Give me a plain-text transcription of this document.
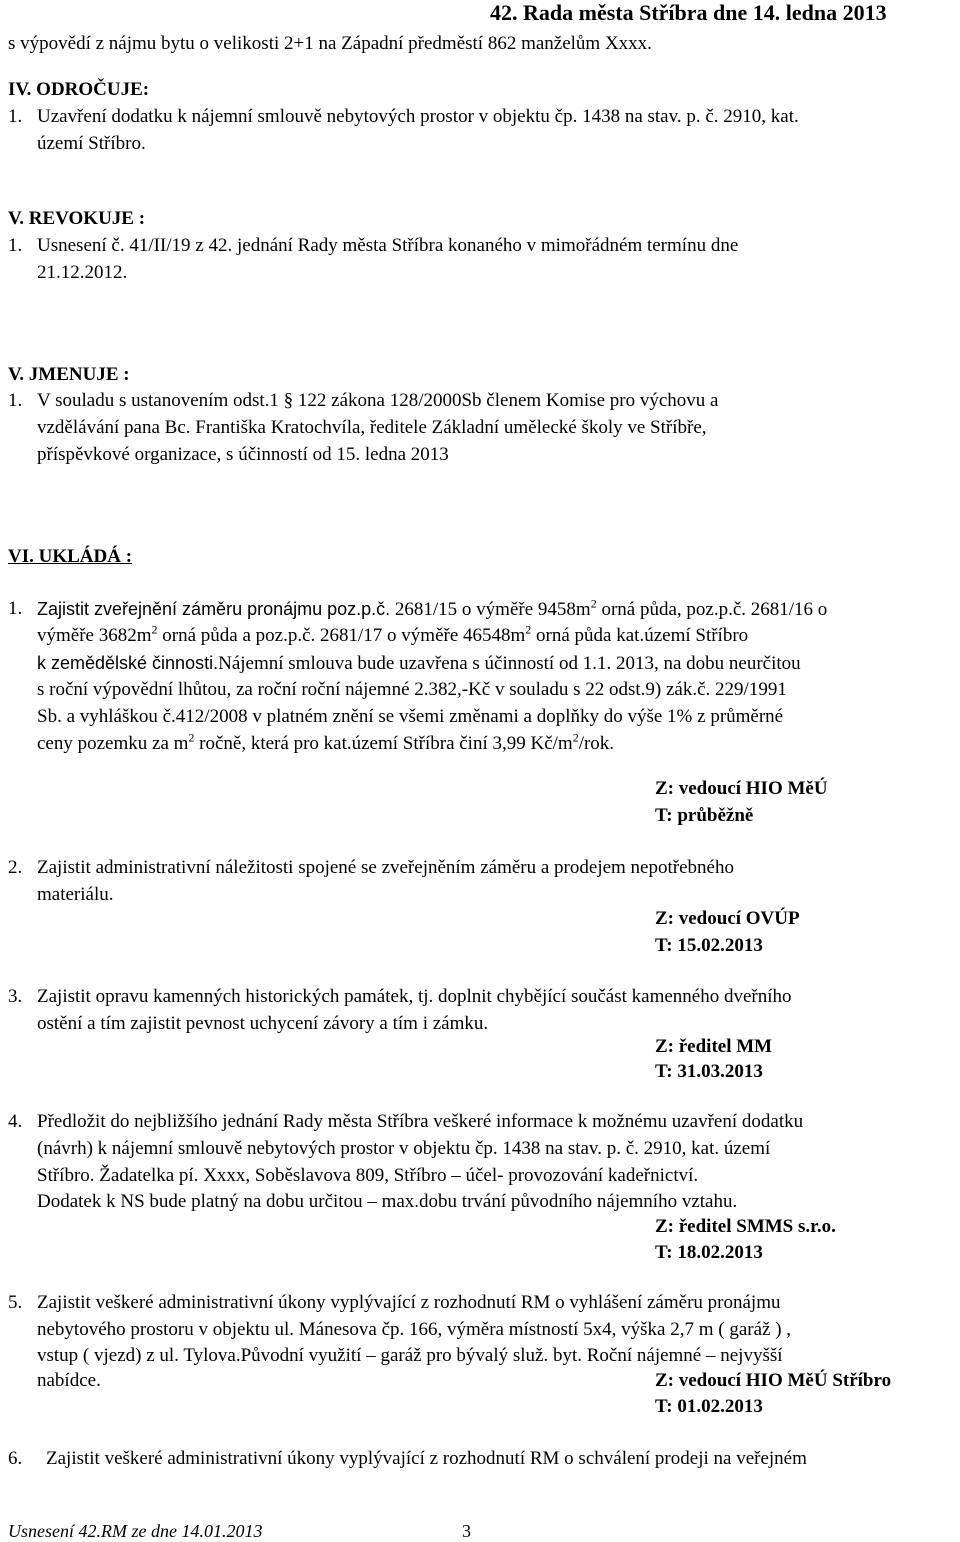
42. Rada města Stříbra dne 14. ledna 2013
s výpovědí z nájmu bytu o velikosti 2+1 na Západní předměstí 862 manželům Xxxx.
IV. ODROČUJE:
1. Uzavření dodatku k nájemní smlouvě nebytových prostor v objektu čp. 1438 na stav. p. č. 2910, kat.
území Stříbro.
V. REVOKUJE :
1. Usnesení č. 41/II/19 z 42. jednání Rady města Stříbra konaného v mimořádném termínu dne
21.12.2012.
V. JMENUJE :
1. V souladu s ustanovením odst.1 § 122 zákona 128/2000Sb členem Komise pro výchovu a
vzdělávání pana Bc. Františka Kratochvíla, ředitele Základní umělecké školy ve Stříbře,
příspěvkové organizace, s účinností od 15. ledna 2013
VI. UKLÁDÁ :
1. Zajistit zveřejnění záměru pronájmu poz.p.č. 2681/15 o výměře $9458m^2$ orná půda, poz.p.č. 2681/16 o
výměře $3682m^2$ orná půda a poz.p.č. 2681/17 o výměře $46548m^2$ orná půda kat.území Stříbro
k zemědělské činnosti.Nájemní smlouva bude uzavřena s účinností od 1.1. 2013, na dobu neurčitou
s roční výpovědní lhůtou, za roční roční nájemné 2.382,-Kč v souladu s 22 odst.9) zák.č. 229/1991
Sb. a vyhláškou č.412/2008 v platném znění se všemi změnami a doplňky do výše 1% z průměrné
ceny pozemku za $m^2$ ročně, která pro kat.území Stříbra činí 3,99 $Kč/m^2$/rok.
Z: vedoucí HIO MěÚ
T: průběžně
2. Zajistit administrativní náležitosti spojené se zveřejněním záměru a prodejem nepotřebného
materiálu.
Z: vedoucí OVÚP
T: 15.02.2013
3. Zajistit opravu kamenných historických památek, tj. doplnit chybějící součást kamenného dveřního
ostění a tím zajistit pevnost uchycení závory a tím i zámku.
Z: ředitel MM
T: 31.03.2013
4. Předložit do nejbližšího jednání Rady města Stříbra veškeré informace k možnému uzavření dodatku
(návrh) k nájemní smlouvě nebytových prostor v objektu čp. 1438 na stav. p. č. 2910, kat. území
Stříbro. Žadatelka pí. Xxxx, Soběslavova 809, Stříbro – účel- provozování kadeřnictví.
Dodatek k NS bude platný na dobu určitou – max.dobu trvání původního nájemního vztahu.
Z: ředitel SMMS s.r.o.
T: 18.02.2013
5. Zajistit veškeré administrativní úkony vyplývající z rozhodnutí RM o vyhlášení záměru pronájmu
nebytového prostoru v objektu ul. Mánesova čp. 166, výměra místností 5x4, výška 2,7 m ( garáž ) ,
vstup ( vjezd) z ul. Tylova.Původní využití – garáž pro bývalý služ. byt. Roční nájemné – nejvyšší
nabídce.	Z: vedoucí HIO MěÚ Stříbro
T: 01.02.2013
6. Zajistit veškeré administrativní úkony vyplývající z rozhodnutí RM o schválení prodeji na veřejném
Usnesení 42.RM ze dne 14.01.2013	3
